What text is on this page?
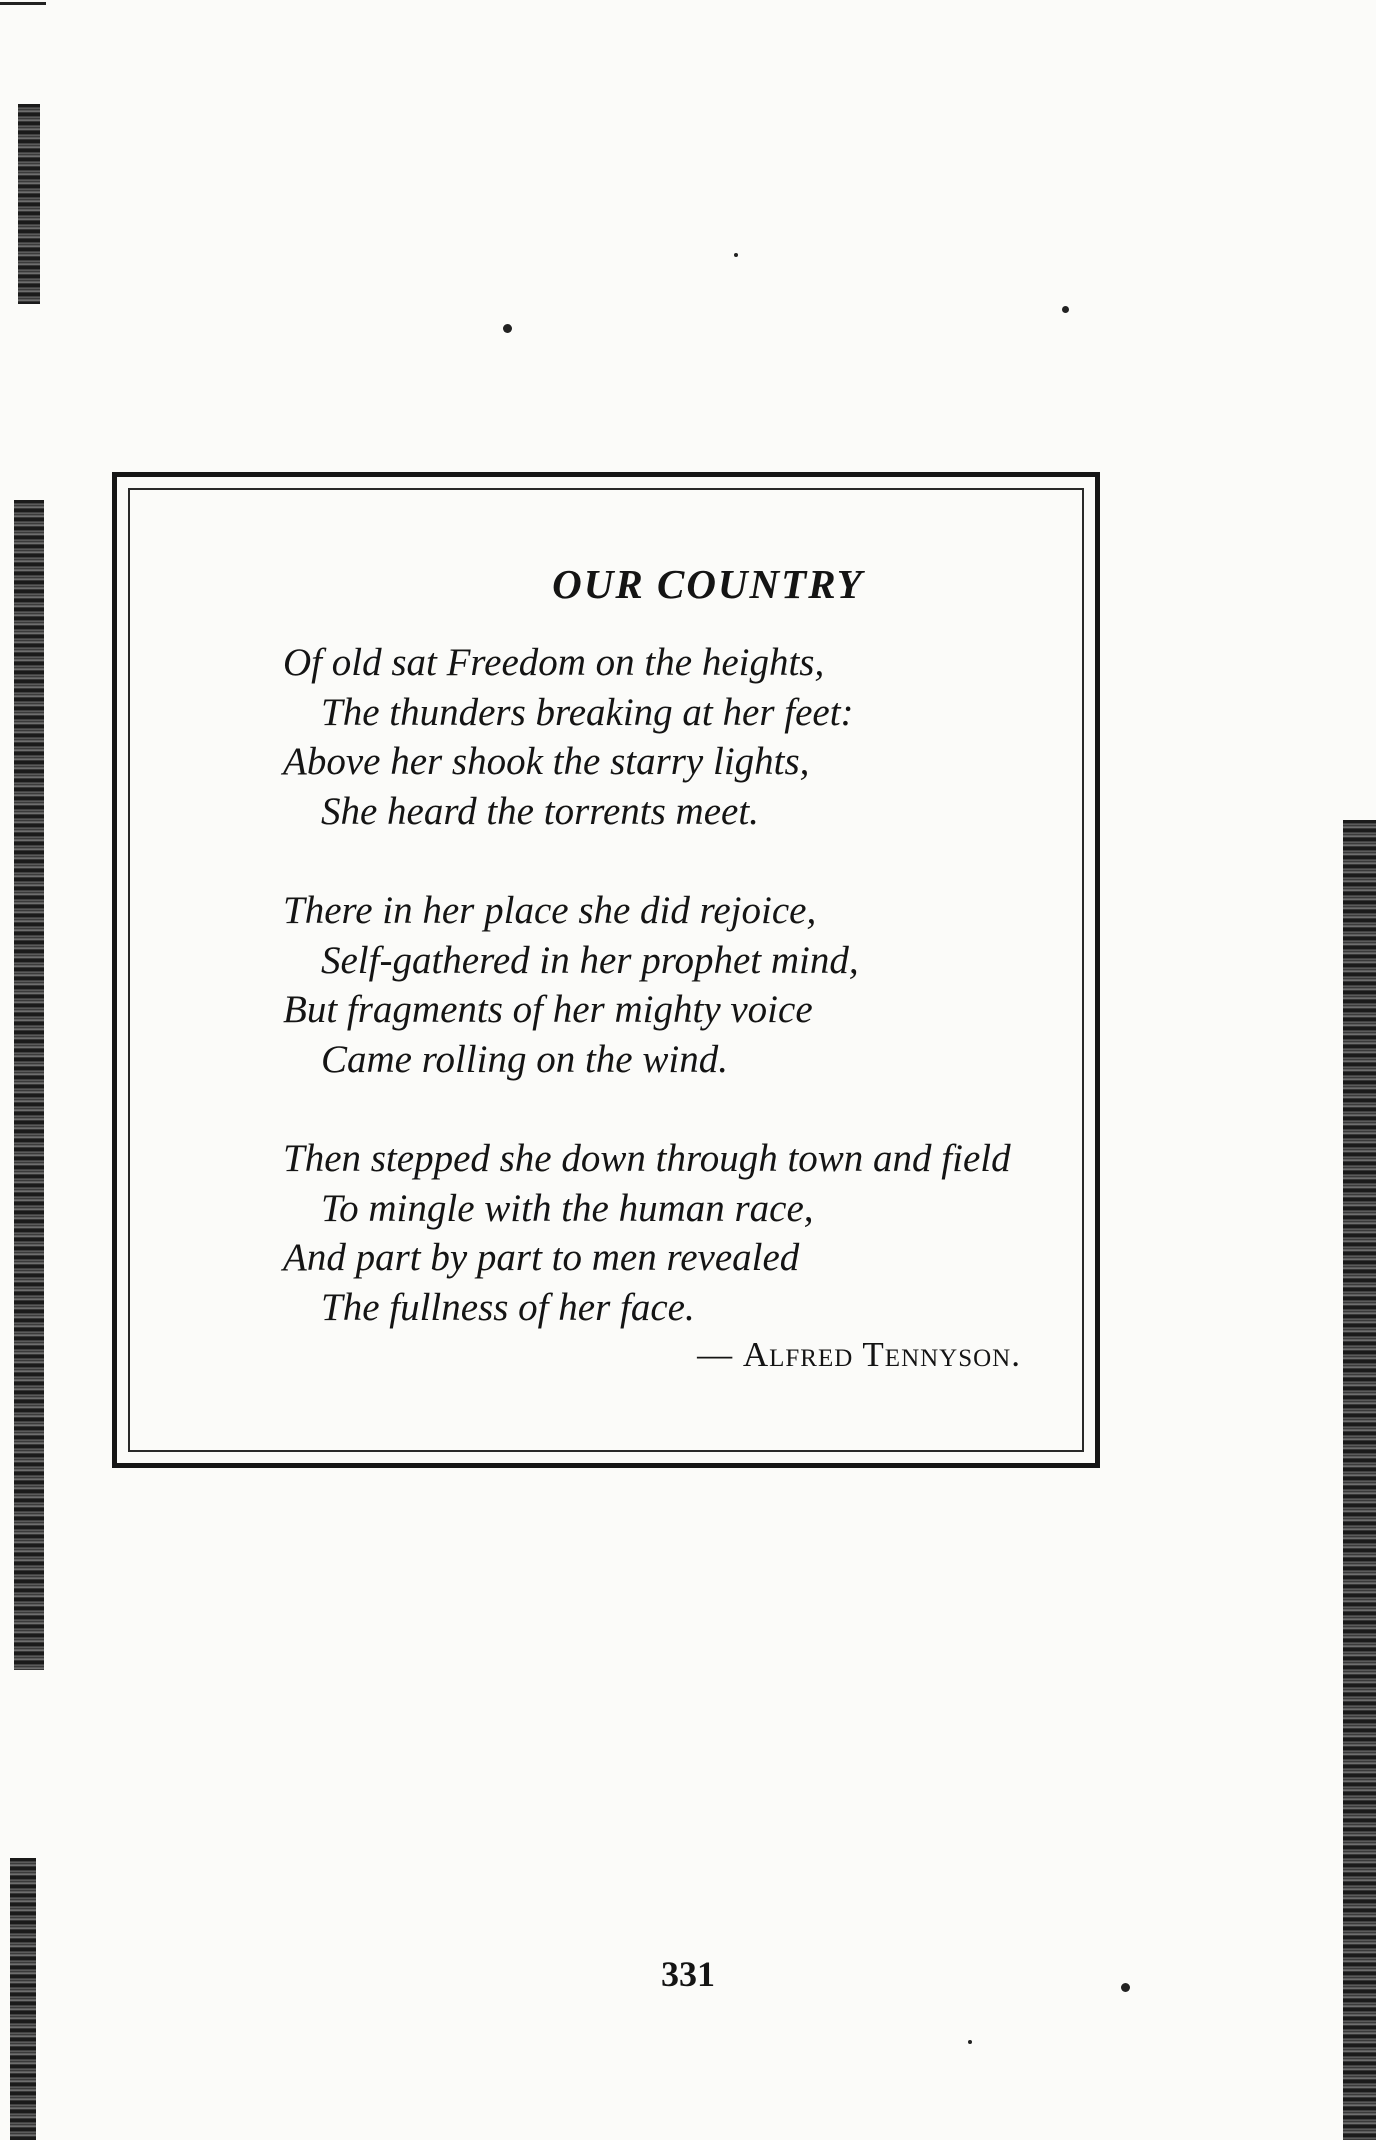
OUR COUNTRY
Of old sat Freedom on the heights,
The thunders breaking at her feet:
Above her shook the starry lights,
She heard the torrents meet.
There in her place she did rejoice,
Self-gathered in her prophet mind,
But fragments of her mighty voice
Came rolling on the wind.
Then stepped she down through town and field
To mingle with the human race,
And part by part to men revealed
The fullness of her face.
— Alfred Tennyson.
331
